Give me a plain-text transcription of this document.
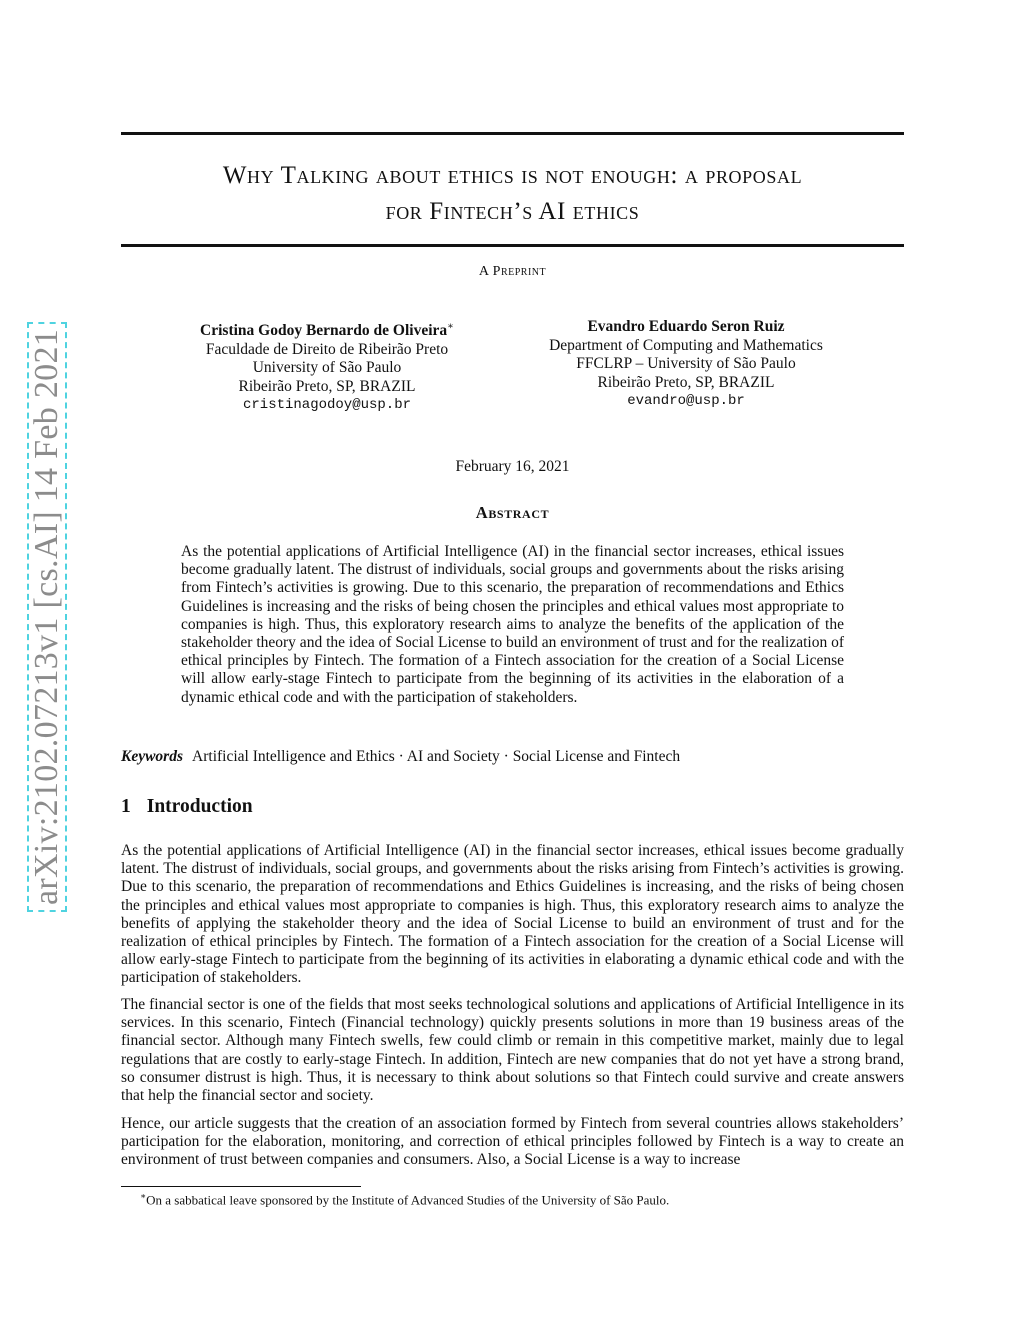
arXiv:2102.07213v1 [cs.AI] 14 Feb 2021
Why Talking about ethics is not enough: a proposal
for Fintech’s AI ethics
A Preprint
Cristina Godoy Bernardo de Oliveira∗
Faculdade de Direito de Ribeirão Preto
University of São Paulo
Ribeirão Preto, SP, BRAZIL
cristinagodoy@usp.br
Evandro Eduardo Seron Ruiz
Department of Computing and Mathematics
FFCLRP – University of São Paulo
Ribeirão Preto, SP, BRAZIL
evandro@usp.br
February 16, 2021
Abstract

As the potential applications of Artificial Intelligence (AI) in the financial sector increases, ethical issues become gradually latent. The distrust of individuals, social groups and governments about the risks arising from Fintech’s activities is growing. Due to this scenario, the preparation of recommendations and Ethics Guidelines is increasing and the risks of being chosen the principles and ethical values most appropriate to companies is high. Thus, this exploratory research aims to analyze the benefits of the application of the stakeholder theory and the idea of Social License to build an environment of trust and for the realization of ethical principles by Fintech. The formation of a Fintech association for the creation of a Social License will allow early-stage Fintech to participate from the beginning of its activities in the elaboration of a dynamic ethical code and with the participation of stakeholders.

Keywords Artificial Intelligence and Ethics · AI and Society · Social License and Fintech
1 Introduction

As the potential applications of Artificial Intelligence (AI) in the financial sector increases, ethical issues become gradually latent. The distrust of individuals, social groups, and governments about the risks arising from Fintech’s activities is growing. Due to this scenario, the preparation of recommendations and Ethics Guidelines is increasing, and the risks of being chosen the principles and ethical values most appropriate to companies is high. Thus, this exploratory research aims to analyze the benefits of applying the stakeholder theory and the idea of Social License to build an environment of trust and for the realization of ethical principles by Fintech. The formation of a Fintech association for the creation of a Social License will allow early-stage Fintech to participate from the beginning of its activities in elaborating a dynamic ethical code and with the participation of stakeholders.

The financial sector is one of the fields that most seeks technological solutions and applications of Artificial Intelligence in its services. In this scenario, Fintech (Financial technology) quickly presents solutions in more than 19 business areas of the financial sector. Although many Fintech swells, few could climb or remain in this competitive market, mainly due to legal regulations that are costly to early-stage Fintech. In addition, Fintech are new companies that do not yet have a strong brand, so consumer distrust is high. Thus, it is necessary to think about solutions so that Fintech could survive and create answers that help the financial sector and society.

Hence, our article suggests that the creation of an association formed by Fintech from several countries allows stakeholders’ participation for the elaboration, monitoring, and correction of ethical principles followed by Fintech is a way to create an environment of trust between companies and consumers. Also, a Social License is a way to increase

∗On a sabbatical leave sponsored by the Institute of Advanced Studies of the University of São Paulo.
